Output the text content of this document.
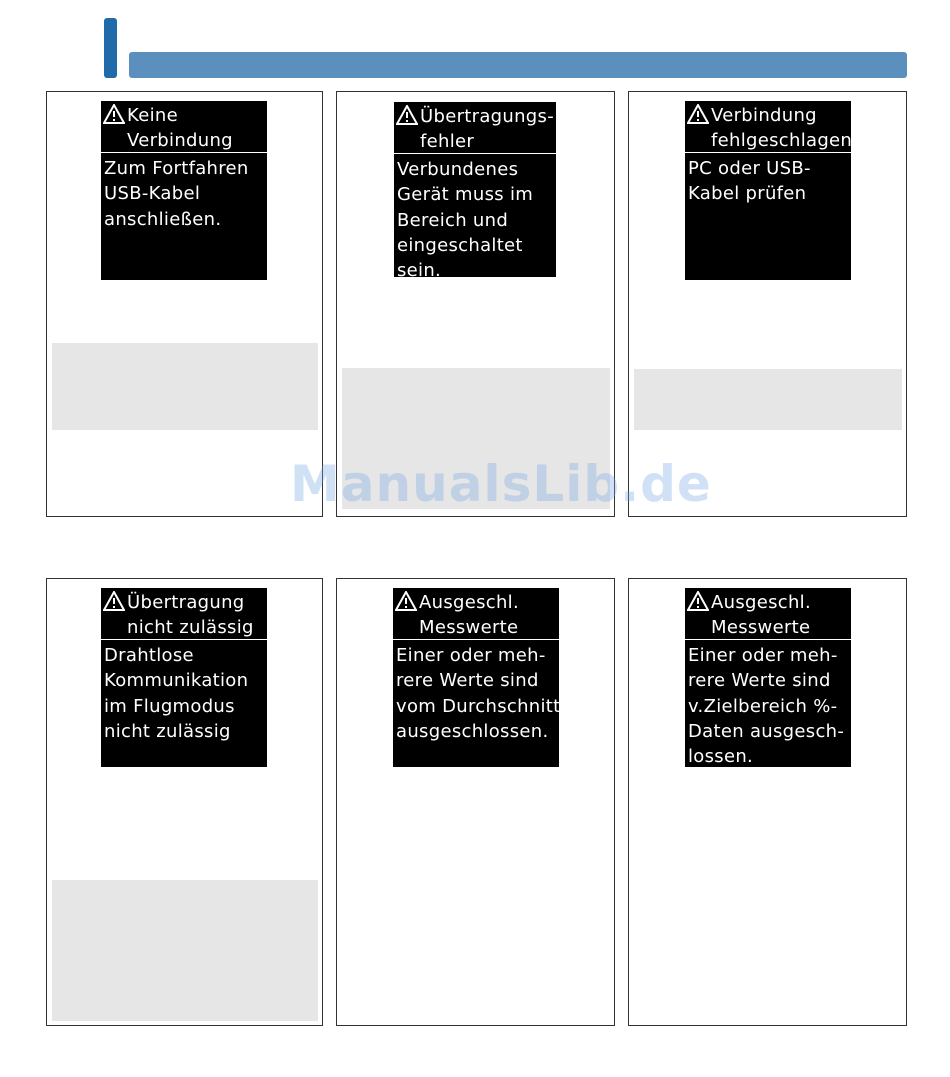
Keine
Verbindung
Zum Fortfahren
USB-Kabel
anschließen.
Übertragungs-
fehler
Verbundenes
Gerät muss im
Bereich und
eingeschaltet
sein.
Verbindung
fehlgeschlagen
PC oder USB-
Kabel prüfen
Übertragung
nicht zulässig
Drahtlose
Kommunikation
im Flugmodus
nicht zulässig
Ausgeschl.
Messwerte
Einer oder meh-
rere Werte sind
vom Durchschnitt
ausgeschlossen.
Ausgeschl.
Messwerte
Einer oder meh-
rere Werte sind
v.Zielbereich %-
Daten ausgesch-
lossen.
ManualsLib.de
